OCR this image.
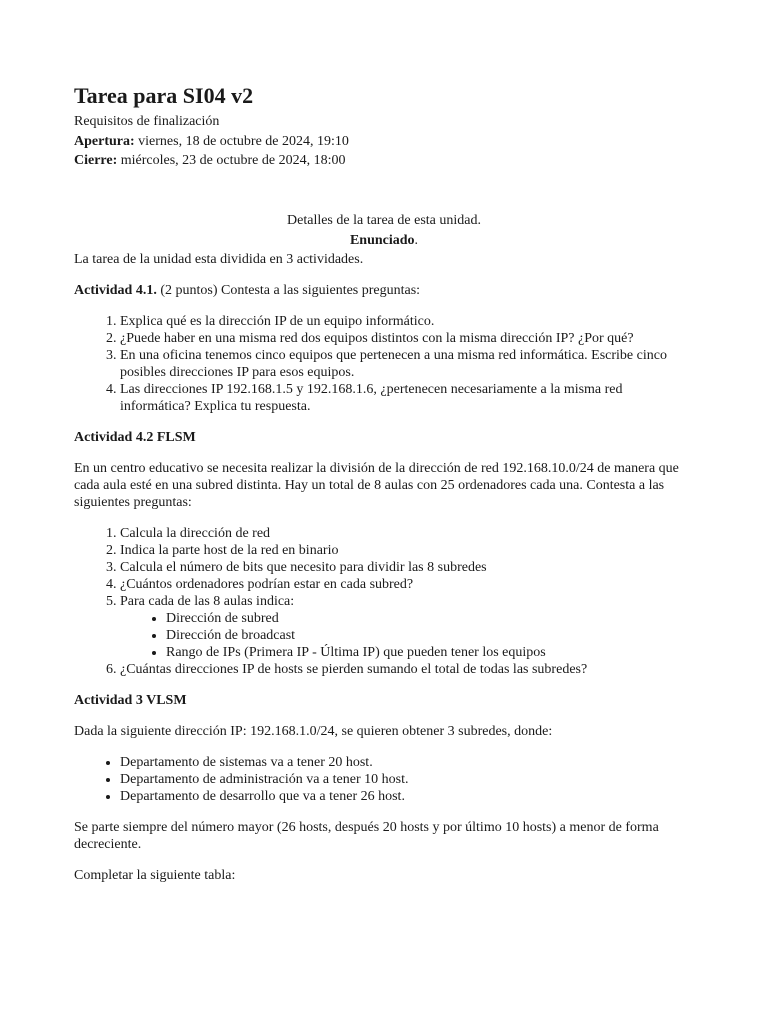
Tarea para SI04 v2
Requisitos de finalización
Apertura: viernes, 18 de octubre de 2024, 19:10
Cierre: miércoles, 23 de octubre de 2024, 18:00
Detalles de la tarea de esta unidad.
Enunciado.

La tarea de la unidad esta dividida en 3 actividades.

Actividad 4.1. (2 puntos) Contesta a las siguientes preguntas:

1. Explica qué es la dirección IP de un equipo informático.
2. ¿Puede haber en una misma red dos equipos distintos con la misma dirección IP? ¿Por qué?
3. En una oficina tenemos cinco equipos que pertenecen a una misma red informática. Escribe cinco posibles direcciones IP para esos equipos.
4. Las direcciones IP 192.168.1.5 y 192.168.1.6, ¿pertenecen necesariamente a la misma red informática? Explica tu respuesta.

Actividad 4.2 FLSM

En un centro educativo se necesita realizar la división de la dirección de red 192.168.10.0/24 de manera que cada aula esté en una subred distinta. Hay un total de 8 aulas con 25 ordenadores cada una. Contesta a las siguientes preguntas:

1. Calcula la dirección de red
2. Indica la parte host de la red en binario
3. Calcula el número de bits que necesito para dividir las 8 subredes
4. ¿Cuántos ordenadores podrían estar en cada subred?
5. Para cada de las 8 aulas indica:
• Dirección de subred
• Dirección de broadcast
• Rango de IPs (Primera IP - Última IP) que pueden tener los equipos
6. ¿Cuántas direcciones IP de hosts se pierden sumando el total de todas las subredes?

Actividad 3 VLSM

Dada la siguiente dirección IP: 192.168.1.0/24, se quieren obtener 3 subredes, donde:

• Departamento de sistemas va a tener 20 host.
• Departamento de administración va a tener 10 host.
• Departamento de desarrollo que va a tener 26 host.

Se parte siempre del número mayor (26 hosts, después 20 hosts y por último 10 hosts) a menor de forma decreciente.

Completar la siguiente tabla:
